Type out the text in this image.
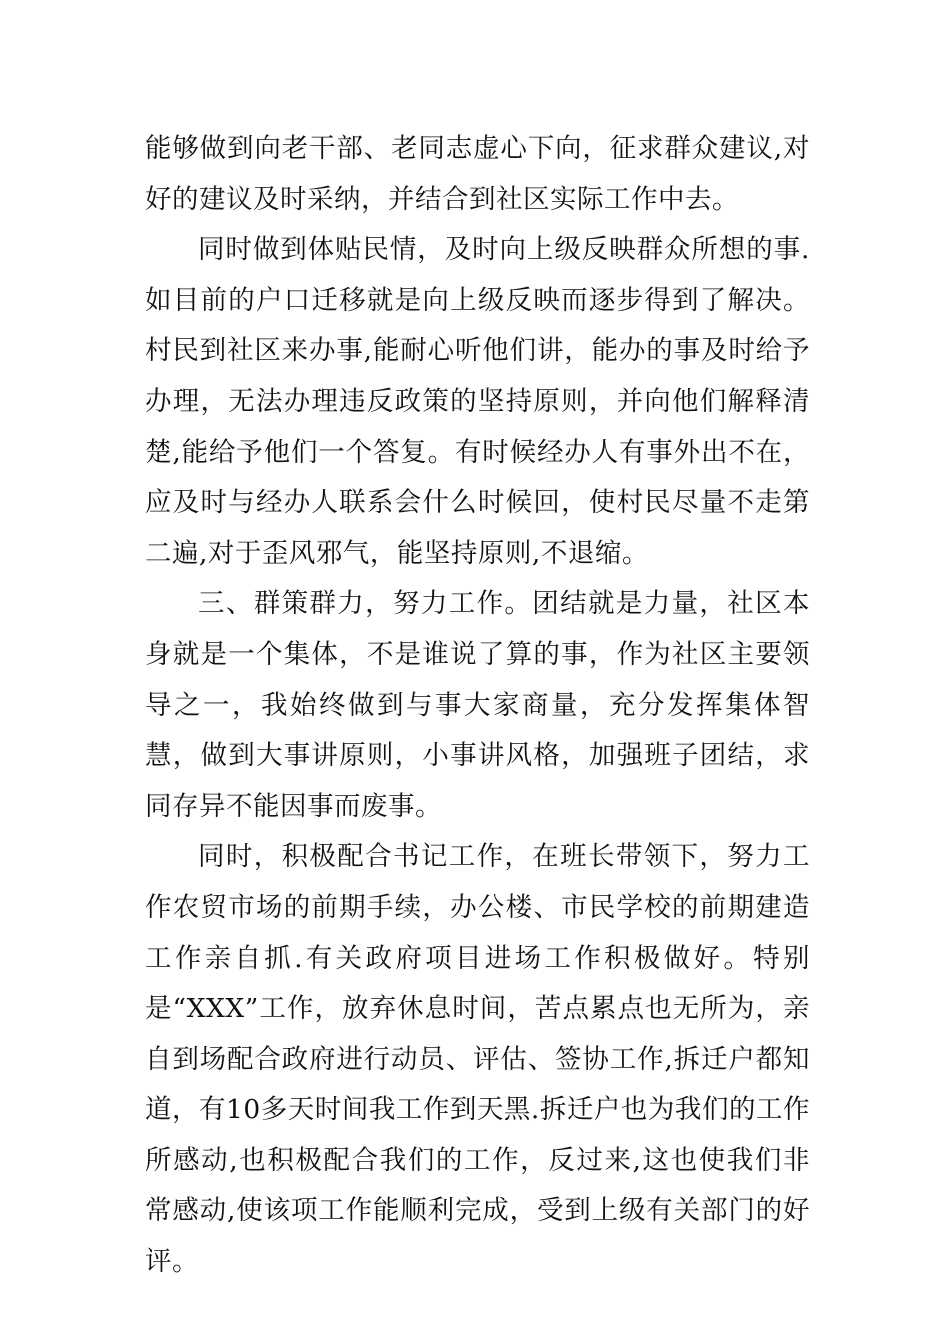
能够做到向老干部、老同志虚心下向，征求群众建议,对好的建议及时采纳，并结合到社区实际工作中去。

同时做到体贴民情，及时向上级反映群众所想的事.如目前的户口迁移就是向上级反映而逐步得到了解决。村民到社区来办事,能耐心听他们讲，能办的事及时给予办理，无法办理违反政策的坚持原则，并向他们解释清楚,能给予他们一个答复。有时候经办人有事外出不在，应及时与经办人联系会什么时候回，使村民尽量不走第二遍,对于歪风邪气，能坚持原则,不退缩。

三、群策群力，努力工作。团结就是力量，社区本身就是一个集体，不是谁说了算的事，作为社区主要领导之一，我始终做到与事大家商量，充分发挥集体智慧，做到大事讲原则，小事讲风格，加强班子团结，求同存异不能因事而废事。

同时，积极配合书记工作，在班长带领下，努力工作农贸市场的前期手续，办公楼、市民学校的前期建造工作亲自抓.有关政府项目进场工作积极做好。特别是“XXX”工作，放弃休息时间，苦点累点也无所为，亲自到场配合政府进行动员、评估、签协工作,拆迁户都知道，有10多天时间我工作到天黑.拆迁户也为我们的工作所感动,也积极配合我们的工作，反过来,这也使我们非常感动,使该项工作能顺利完成，受到上级有关部门的好评。
